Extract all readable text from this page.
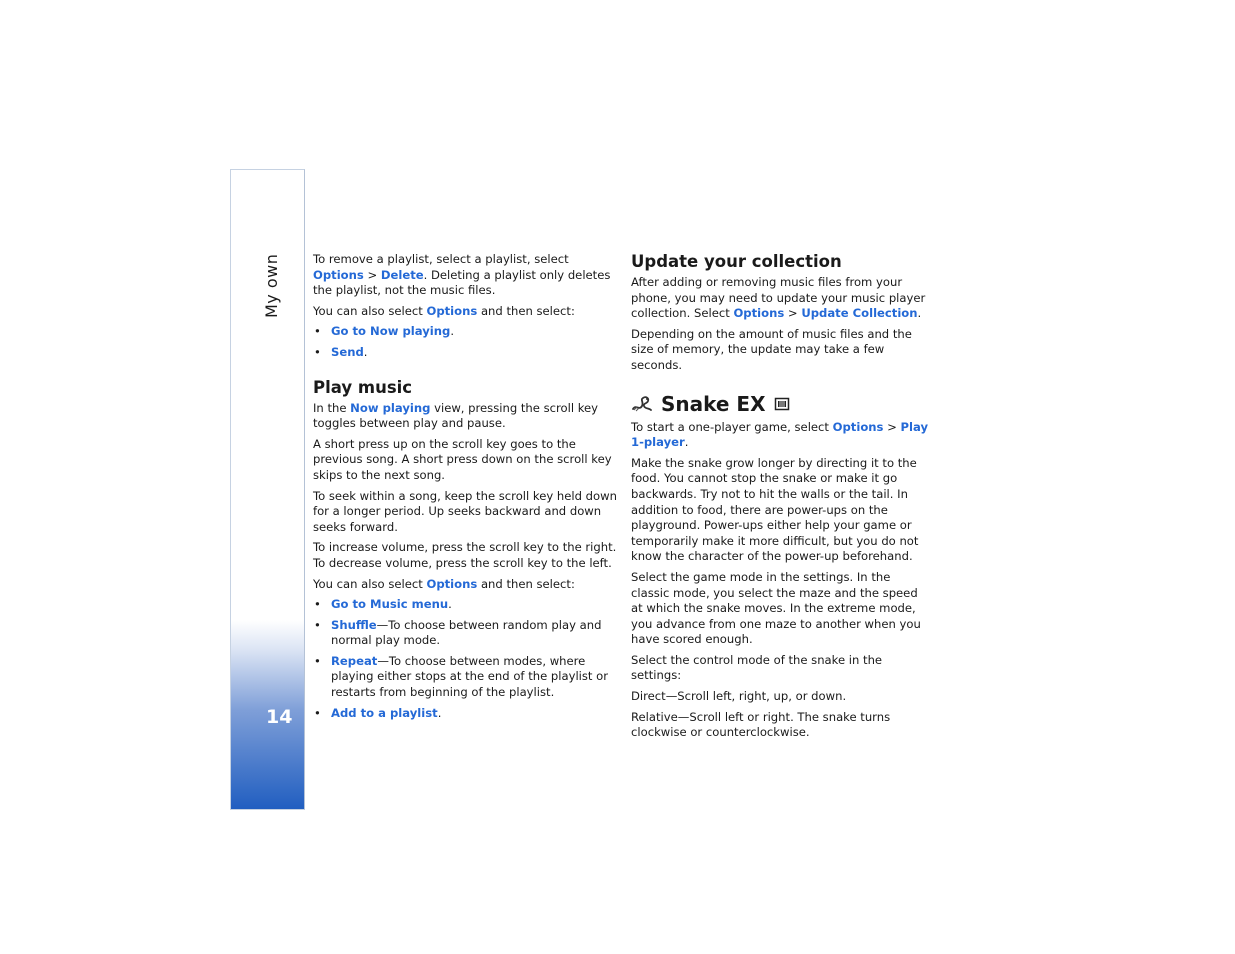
My own
14

To remove a playlist, select a playlist, select Options > Delete. Deleting a playlist only deletes the playlist, not the music files.

You can also select Options and then select:

• Go to Now playing.
• Send.
Play music

In the Now playing view, pressing the scroll key toggles between play and pause.

A short press up on the scroll key goes to the previous song. A short press down on the scroll key skips to the next song.

To seek within a song, keep the scroll key held down for a longer period. Up seeks backward and down seeks forward.

To increase volume, press the scroll key to the right.
To decrease volume, press the scroll key to the left.

You can also select Options and then select:

• Go to Music menu.
• Shuffle—To choose between random play and normal play mode.
• Repeat—To choose between modes, where playing either stops at the end of the playlist or restarts from beginning of the playlist.
• Add to a playlist.
Update your collection

After adding or removing music files from your phone, you may need to update your music player collection. Select Options > Update Collection.

Depending on the amount of music files and the size of memory, the update may take a few seconds.

Snake EX

To start a one-player game, select Options > Play 1-player.

Make the snake grow longer by directing it to the food. You cannot stop the snake or make it go backwards. Try not to hit the walls or the tail. In addition to food, there are power-ups on the playground. Power-ups either help your game or temporarily make it more difficult, but you do not know the character of the power-up beforehand.

Select the game mode in the settings. In the classic mode, you select the maze and the speed at which the snake moves. In the extreme mode, you advance from one maze to another when you have scored enough.

Select the control mode of the snake in the settings:

Direct—Scroll left, right, up, or down.

Relative—Scroll left or right. The snake turns clockwise or counterclockwise.
